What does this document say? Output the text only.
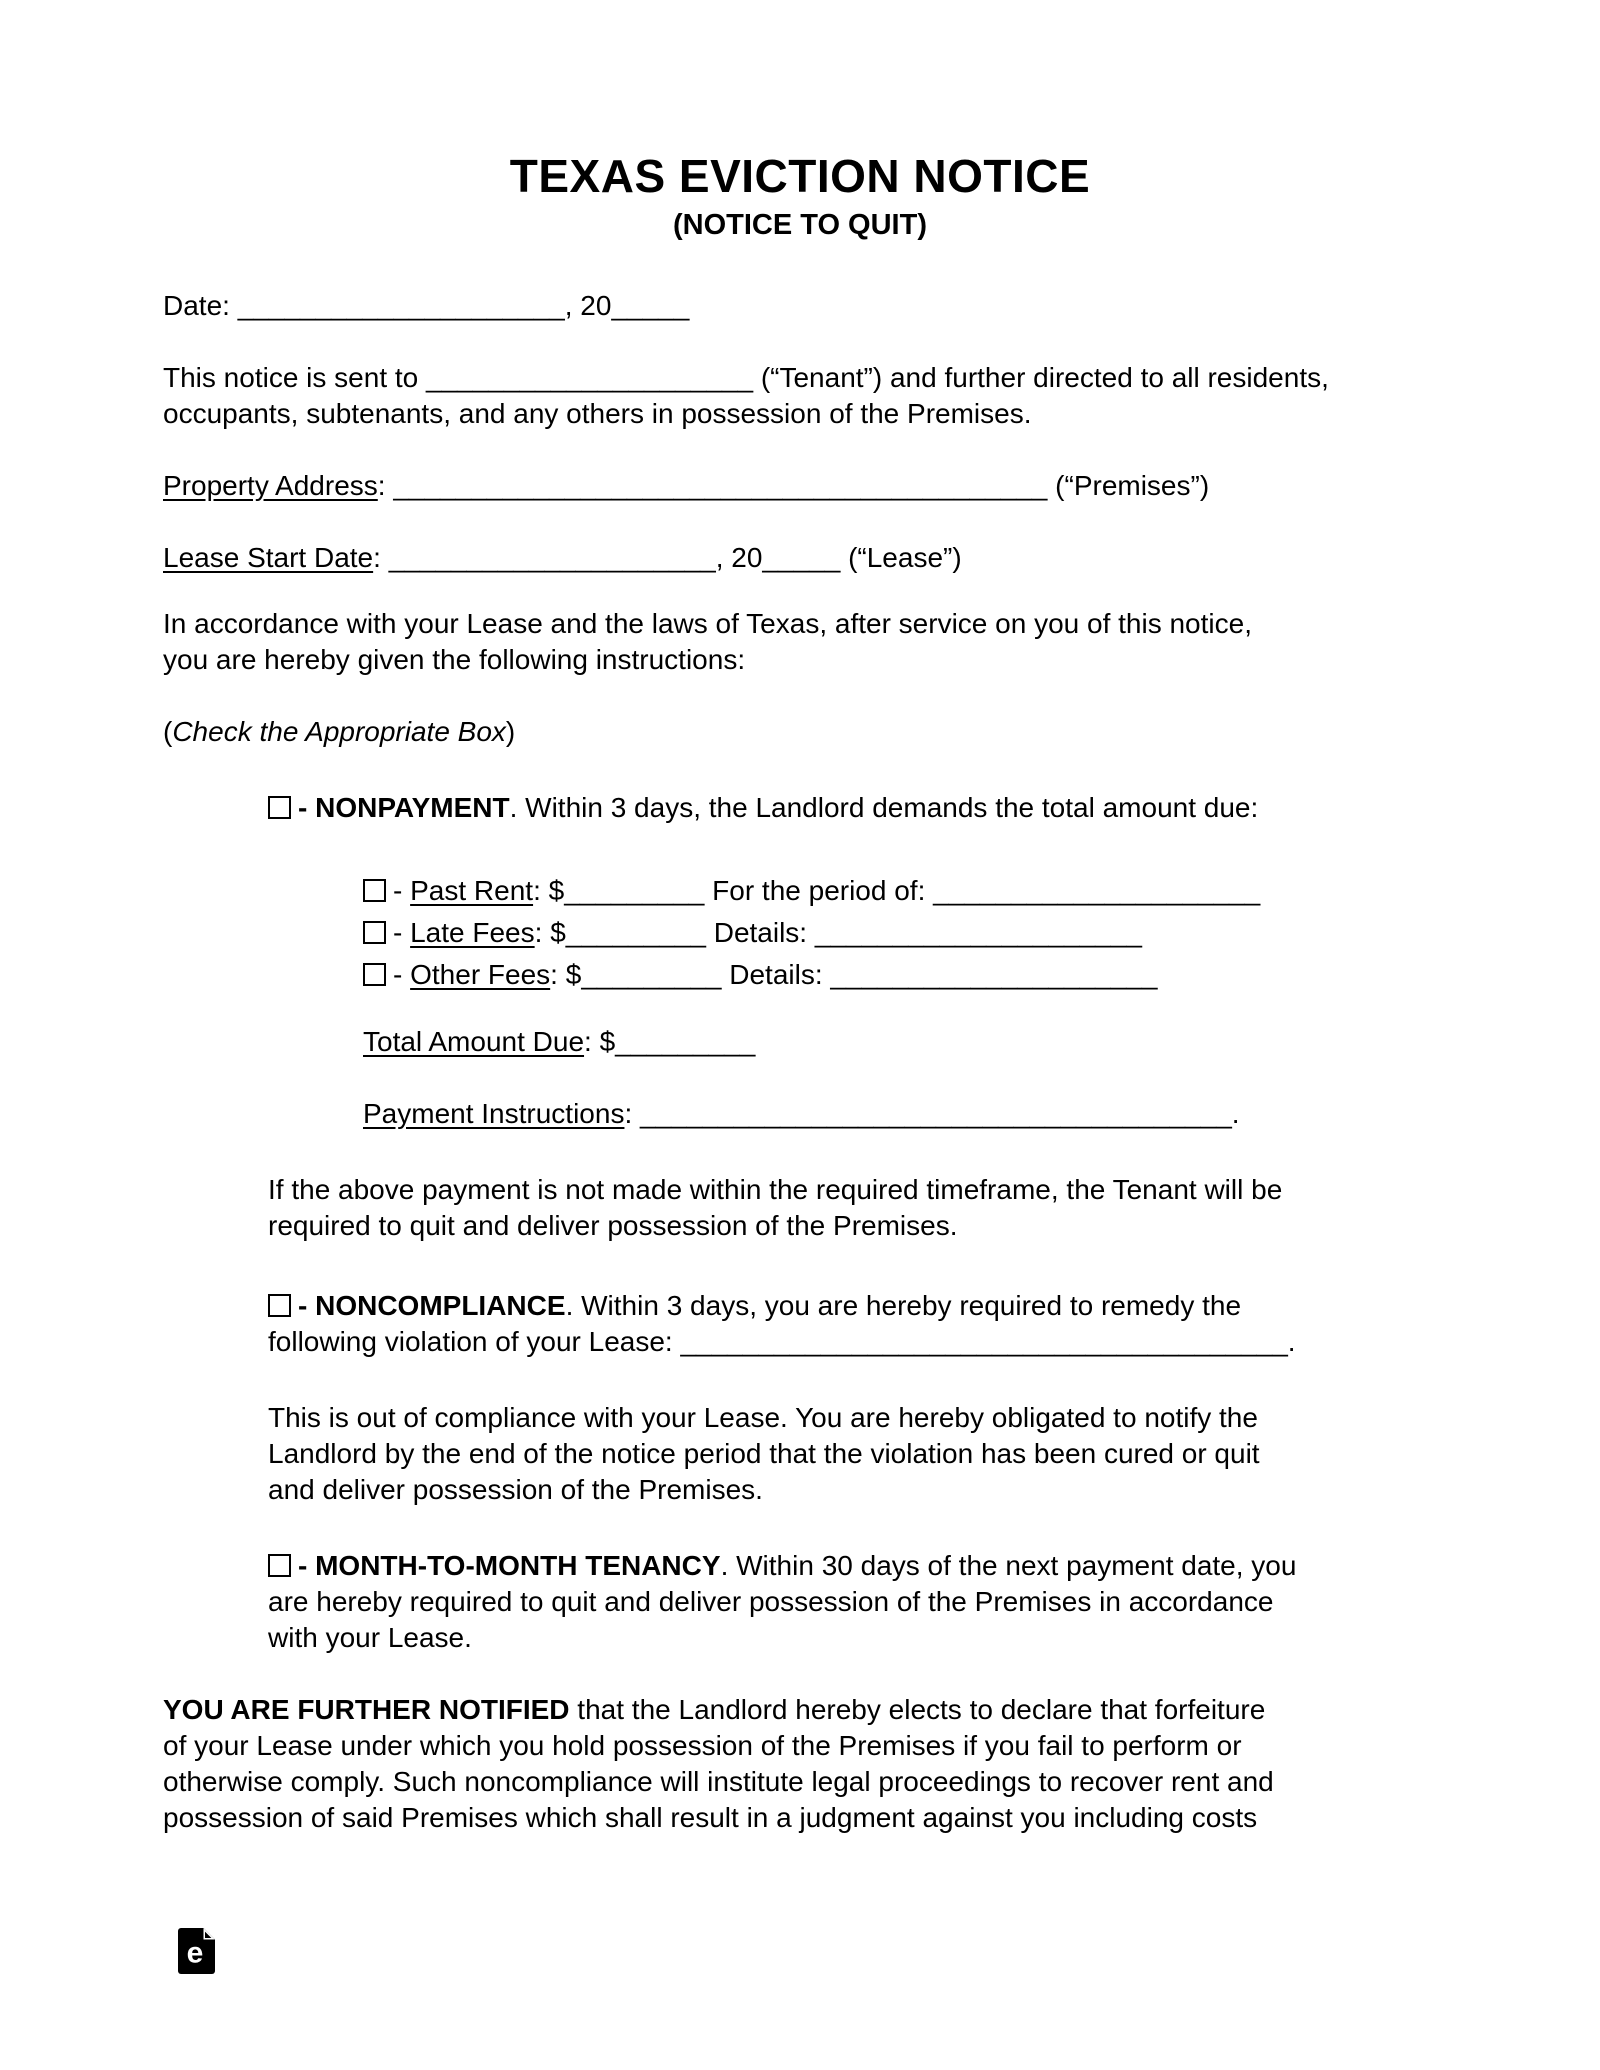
TEXAS EVICTION NOTICE
(NOTICE TO QUIT)

Date: _____________________, 20_____

This notice is sent to _____________________ (“Tenant”) and further directed to all residents,
occupants, subtenants, and any others in possession of the Premises.

Property Address: __________________________________________ (“Premises”)

Lease Start Date: _____________________, 20_____ (“Lease”)

In accordance with your Lease and the laws of Texas, after service on you of this notice,
you are hereby given the following instructions:

(Check the Appropriate Box)

- NONPAYMENT. Within 3 days, the Landlord demands the total amount due:

- Past Rent: $_________ For the period of: _____________________
- Late Fees: $_________ Details: _____________________
- Other Fees: $_________ Details: _____________________

Total Amount Due: $_________

Payment Instructions: ______________________________________.

If the above payment is not made within the required timeframe, the Tenant will be
required to quit and deliver possession of the Premises.

- NONCOMPLIANCE. Within 3 days, you are hereby required to remedy the
following violation of your Lease: _______________________________________.

This is out of compliance with your Lease. You are hereby obligated to notify the
Landlord by the end of the notice period that the violation has been cured or quit
and deliver possession of the Premises.

- MONTH-TO-MONTH TENANCY. Within 30 days of the next payment date, you
are hereby required to quit and deliver possession of the Premises in accordance
with your Lease.

YOU ARE FURTHER NOTIFIED that the Landlord hereby elects to declare that forfeiture
of your Lease under which you hold possession of the Premises if you fail to perform or
otherwise comply. Such noncompliance will institute legal proceedings to recover rent and
possession of said Premises which shall result in a judgment against you including costs

e
